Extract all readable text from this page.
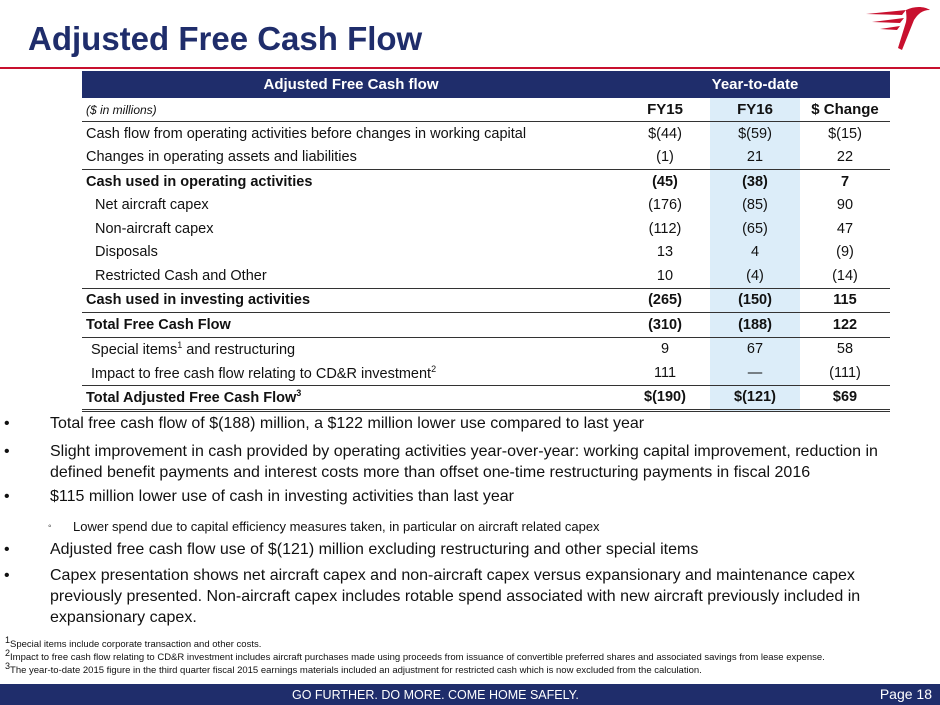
Adjusted Free Cash Flow
Adjusted Free Cash flow	Year-to-date		
($ in millions)	FY15	FY16	$ Change
Cash flow from operating activities before changes in working capital	$(44)	$(59)	$(15)
Changes in operating assets and liabilities	(1)	21	22
Cash used in operating activities	(45)	(38)	7
Net aircraft capex	(176)	(85)	90
Non-aircraft capex	(112)	(65)	47
Disposals	13	4	(9)
Restricted Cash and Other	10	(4)	(14)
Cash used in investing activities	(265)	(150)	115
Total Free Cash Flow	(310)	(188)	122
Special items$^1$ and restructuring	9	67	58
Impact to free cash flow relating to CD&R investment$^2$	111	—	(111)
Total Adjusted Free Cash Flow$^3$	$(190)	$(121)	$69
•	Total free cash flow of $(188) million, a $122 million lower use compared to last year
•	Slight improvement in cash provided by operating activities year-over-year: working capital improvement, reduction in defined benefit payments and interest costs more than offset one-time restructuring payments in fiscal 2016
•	$115 million lower use of cash in investing activities than last year
◦ Lower spend due to capital efficiency measures taken, in particular on aircraft related capex
•	Adjusted free cash flow use of $(121) million excluding restructuring and other special items
•	Capex presentation shows net aircraft capex and non-aircraft capex versus expansionary and maintenance capex previously presented. Non-aircraft capex includes rotable spend associated with new aircraft previously included in expansionary capex.
$^1$Special items include corporate transaction and other costs.
$^2$Impact to free cash flow relating to CD&R investment includes aircraft purchases made using proceeds from issuance of convertible preferred shares and associated savings from lease expense.
$^3$The year-to-date 2015 figure in the third quarter fiscal 2015 earnings materials included an adjustment for restricted cash which is now excluded from the calculation.
GO FURTHER. DO MORE. COME HOME SAFELY.	Page 18
